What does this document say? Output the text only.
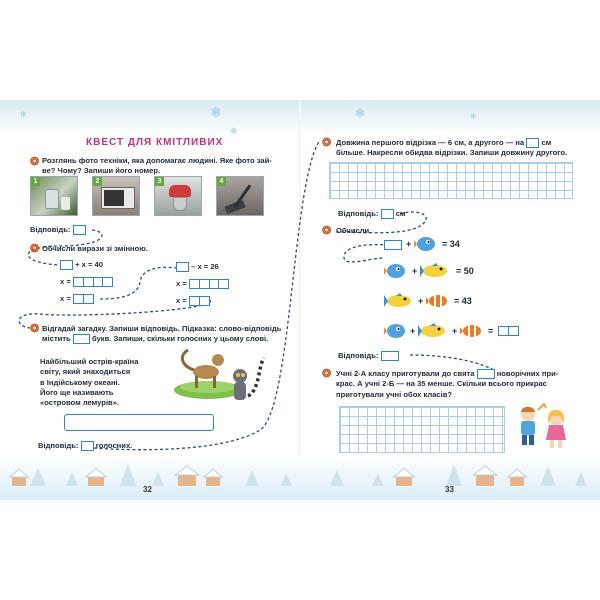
❄
❄
❄	❄
❄
КВЕСТ ДЛЯ КМІТЛИВИХ
❂ Розглянь фото техніки, яка допомагає людині. Яке фото зай-
ве? Чому? Запиши його номер.
1	2	3	4
Відповідь:
❂ Обчисли вирази зі змінною.
+ x = 40
x =
x =
– x = 26
x =
x =
❂ Відгадай загадку. Запиши відповідь. Підказка: слово-відповідь
містить	букв. Запиши, скільки голосних у цьому слові.
Найбільший острів-країна
світу, який знаходиться
в Індійському океані.
Його ще називають
«островом лемурів».
Відповідь: голосних.
❂ Довжина першого відрізка — 6 см, а другого — на см
більше. Накресли обидва відрізки. Запиши довжину другого.
Відповідь: см
❂ Обчисли.
+	= 34
+	= 50
+	= 43
+	+	=
Відповідь:
❂ Учні 2-А класу приготували до свята	новорічних при-
крас. А учні 2-Б — на 35 менше. Скільки всього прикрас
приготували учні обох класів?
32	33
